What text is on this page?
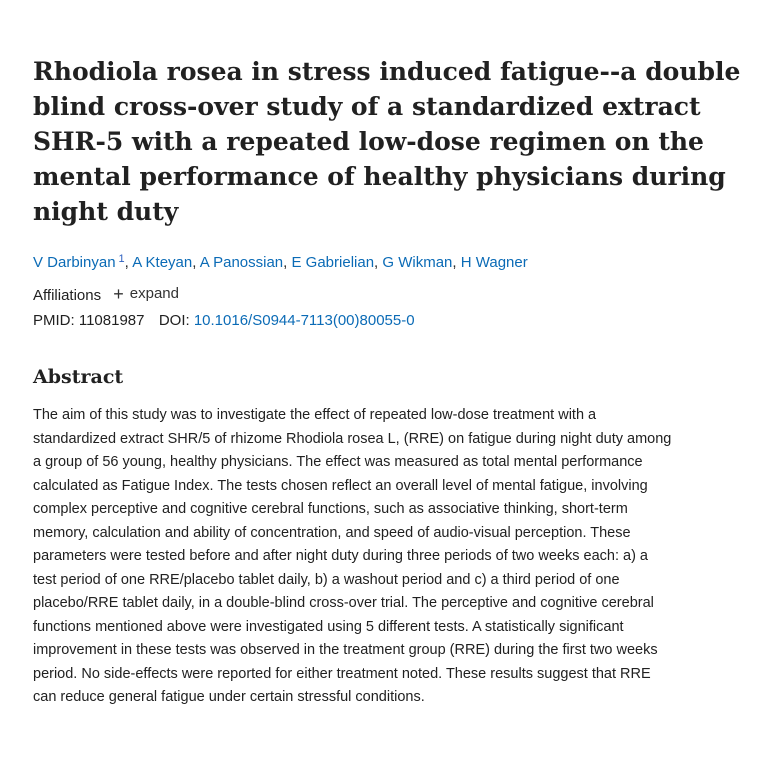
Rhodiola rosea in stress induced fatigue--a double
blind cross-over study of a standardized extract
SHR-5 with a repeated low-dose regimen on the
mental performance of healthy physicians during
night duty
V Darbinyan $^1$, A Kteyan, A Panossian, E Gabrielian, G Wikman, H Wagner
Affiliations + expand
PMID: 11081987 DOI: 10.1016/S0944-7113(00)80055-0
Abstract

The aim of this study was to investigate the effect of repeated low-dose treatment with a
standardized extract SHR/5 of rhizome Rhodiola rosea L, (RRE) on fatigue during night duty among
a group of 56 young, healthy physicians. The effect was measured as total mental performance
calculated as Fatigue Index. The tests chosen reflect an overall level of mental fatigue, involving
complex perceptive and cognitive cerebral functions, such as associative thinking, short-term
memory, calculation and ability of concentration, and speed of audio-visual perception. These
parameters were tested before and after night duty during three periods of two weeks each: a) a
test period of one RRE/placebo tablet daily, b) a washout period and c) a third period of one
placebo/RRE tablet daily, in a double-blind cross-over trial. The perceptive and cognitive cerebral
functions mentioned above were investigated using 5 different tests. A statistically significant
improvement in these tests was observed in the treatment group (RRE) during the first two weeks
period. No side-effects were reported for either treatment noted. These results suggest that RRE
can reduce general fatigue under certain stressful conditions.
